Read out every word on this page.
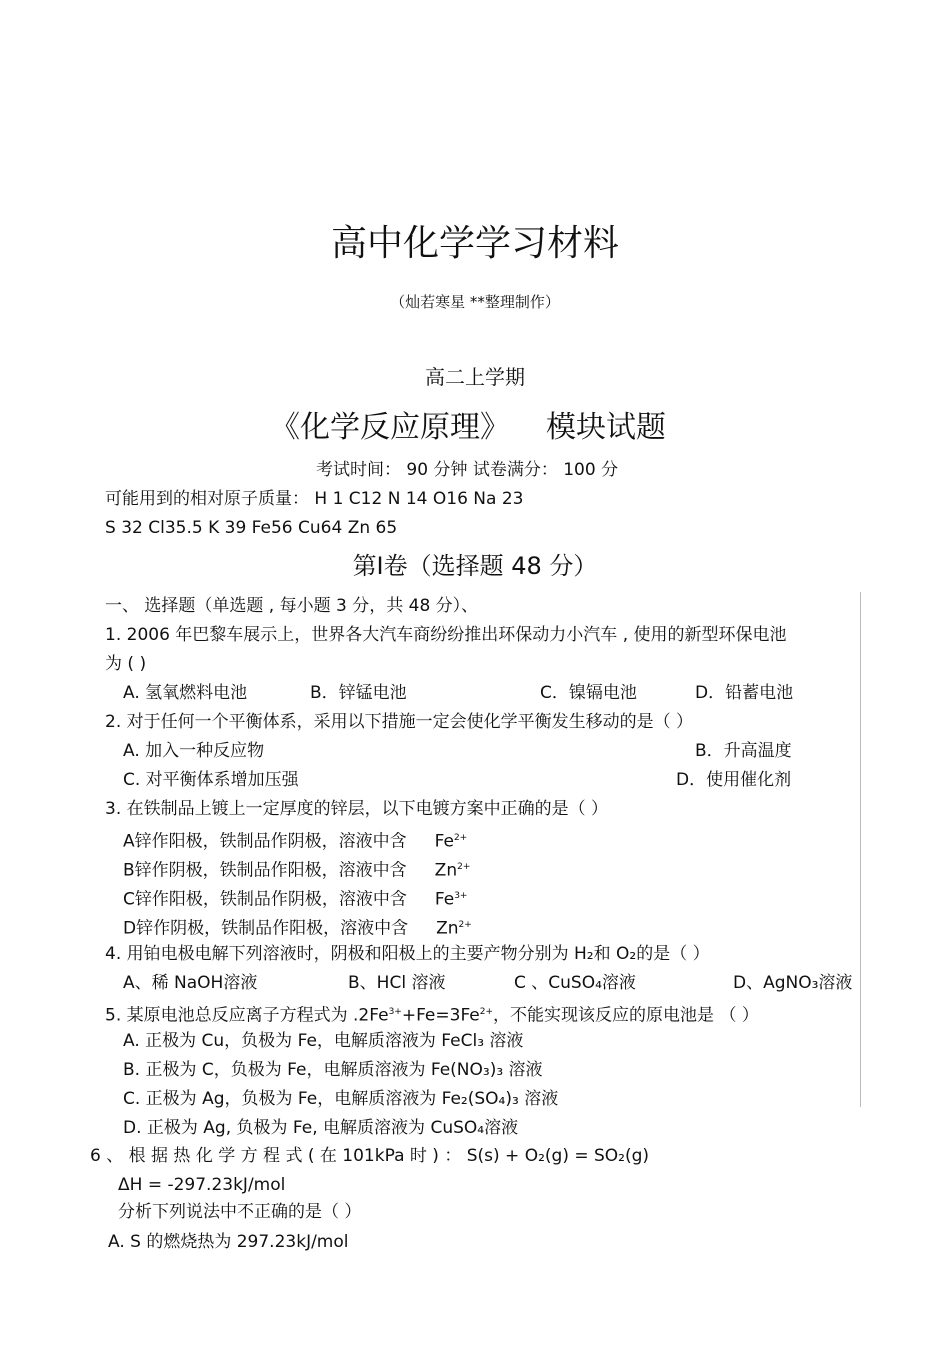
高中化学学习材料
（灿若寒星 **整理制作）
高二上学期
《化学反应原理》 模块试题
考试时间： 90 分钟 试卷满分： 100 分
可能用到的相对原子质量： H 1 C12 N 14 O16 Na 23
S 32 Cl35.5 K 39 Fe56 Cu64 Zn 65
第Ⅰ卷（选择题 48 分）
一、 选择题（单选题 , 每小题 3 分，共 48 分）、
1. 2006 年巴黎车展示上，世界各大汽车商纷纷推出环保动力小汽车 , 使用的新型环保电池
为 ( )
A. 氢氧燃料电池	B．锌锰电池	C．镍镉电池	D．铅蓄电池
2. 对于任何一个平衡体系，采用以下措施一定会使化学平衡发生移动的是（ ）
A. 加入一种反应物	B．升高温度
C. 对平衡体系增加压强	D．使用催化剂
3. 在铁制品上镀上一定厚度的锌层，以下电镀方案中正确的是（ ）
A锌作阳极，铁制品作阴极，溶液中含 $Fe^{2+}$
B锌作阴极，铁制品作阳极，溶液中含 $Zn^{2+}$
C锌作阳极，铁制品作阴极，溶液中含 $Fe^{3+}$
D锌作阴极，铁制品作阳极，溶液中含 $Zn^{2+}$
4. 用铂电极电解下列溶液时，阴极和阳极上的主要产物分别为 H₂和 O₂的是（ ）
A、稀 NaOH溶液	B、HCl 溶液	C 、CuSO₄溶液	D、AgNO₃溶液
5. 某原电池总反应离子方程式为 $.2Fe^{3+}+Fe=3Fe^{2+}$，不能实现该反应的原电池是 （ ）
A. 正极为 Cu，负极为 Fe，电解质溶液为 FeCl₃ 溶液
B. 正极为 C，负极为 Fe，电解质溶液为 Fe(NO₃)₃ 溶液
C. 正极为 Ag，负极为 Fe，电解质溶液为 Fe₂(SO₄)₃ 溶液
D. 正极为 Ag, 负极为 Fe, 电解质溶液为 CuSO₄溶液
6 、 根 据 热 化 学 方 程 式 ( 在 101kPa 时 ) ： S(s) + O₂(g) = SO₂(g)
ΔH = -297.23kJ/mol
分析下列说法中不正确的是（ ）
A. S 的燃烧热为 297.23kJ/mol
